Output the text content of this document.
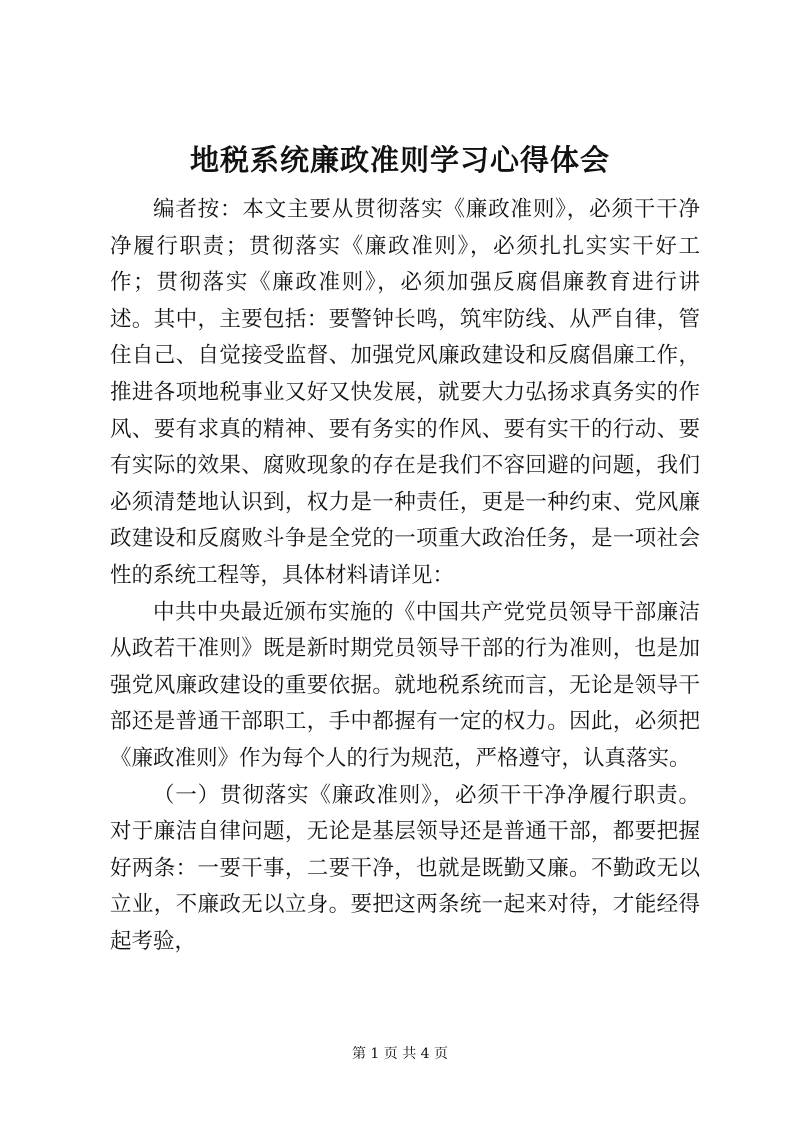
地税系统廉政准则学习心得体会

编者按：本文主要从贯彻落实《廉政准则》，必须干干净净履行职责；贯彻落实《廉政准则》，必须扎扎实实干好工作；贯彻落实《廉政准则》，必须加强反腐倡廉教育进行讲述。其中，主要包括：要警钟长鸣，筑牢防线、从严自律，管住自己、自觉接受监督、加强党风廉政建设和反腐倡廉工作，推进各项地税事业又好又快发展，就要大力弘扬求真务实的作风、要有求真的精神、要有务实的作风、要有实干的行动、要有实际的效果、腐败现象的存在是我们不容回避的问题，我们必须清楚地认识到，权力是一种责任，更是一种约束、党风廉政建设和反腐败斗争是全党的一项重大政治任务，是一项社会性的系统工程等，具体材料请详见：

中共中央最近颁布实施的《中国共产党党员领导干部廉洁从政若干准则》既是新时期党员领导干部的行为准则，也是加强党风廉政建设的重要依据。就地税系统而言，无论是领导干部还是普通干部职工，手中都握有一定的权力。因此，必须把《廉政准则》作为每个人的行为规范，严格遵守，认真落实。

（一）贯彻落实《廉政准则》，必须干干净净履行职责。对于廉洁自律问题，无论是基层领导还是普通干部，都要把握好两条：一要干事，二要干净，也就是既勤又廉。不勤政无以立业，不廉政无以立身。要把这两条统一起来对待，才能经得起考验，

第 1 页 共 4 页
